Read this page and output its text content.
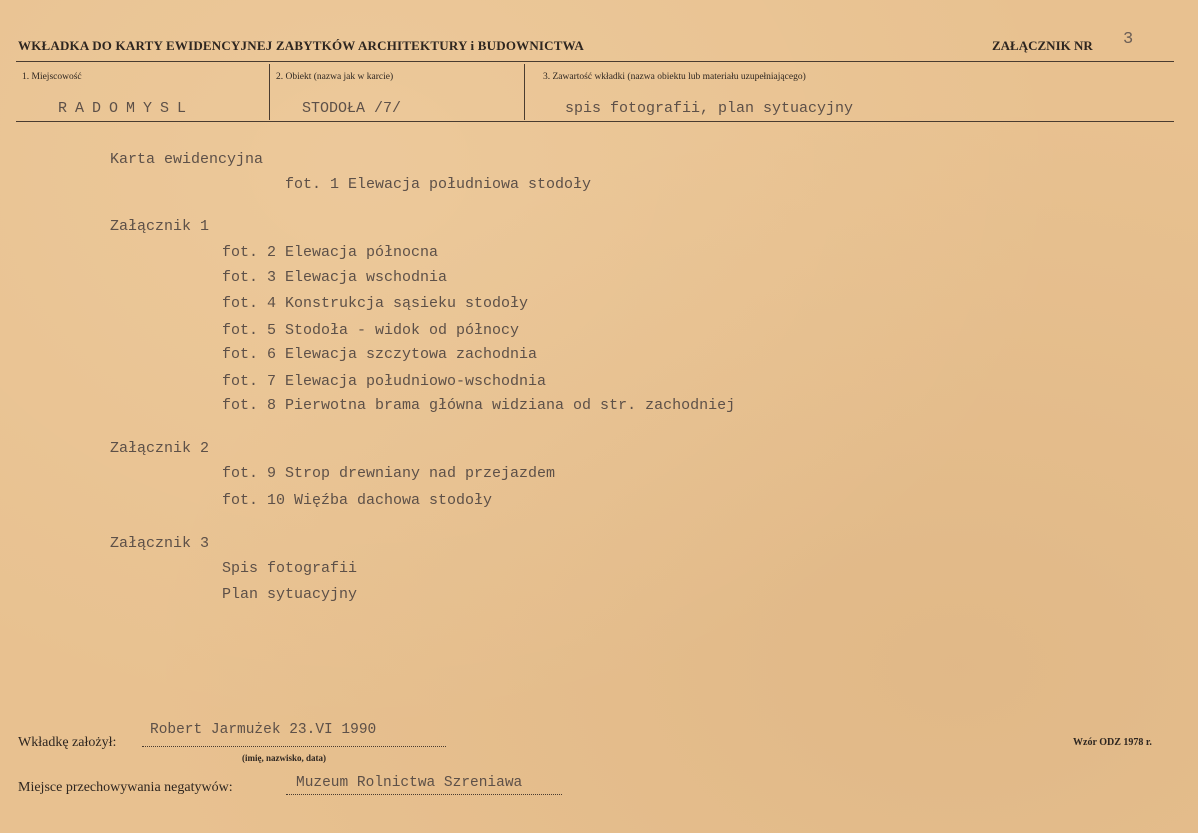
WKŁADKA DO KARTY EWIDENCYJNEJ ZABYTKÓW ARCHITEKTURY i BUDOWNICTWA	ZAŁĄCZNIK NR 3
1. Miejscowość	2. Obiekt (nazwa jak w karcie)	3. Zawartość wkładki (nazwa obiektu lub materiału uzupełniającego)
RADOMYSL	STODOŁA /7/	spis fotografii, plan sytuacyjny
Karta ewidencyjna
fot. 1 Elewacja południowa stodoły
Załącznik 1
fot. 2 Elewacja północna
fot. 3 Elewacja wschodnia
fot. 4 Konstrukcja sąsieku stodoły
fot. 5 Stodoła - widok od północy
fot. 6 Elewacja szczytowa zachodnia
fot. 7 Elewacja południowo-wschodnia
fot. 8 Pierwotna brama główna widziana od str. zachodniej
Załącznik 2
fot. 9 Strop drewniany nad przejazdem
fot. 10 Więźba dachowa stodoły
Załącznik 3
Spis fotografii
Plan sytuacyjny
Wkładkę założył:
Robert Jarmużek 23.VI 1990
(imię, nazwisko, data)
Miejsce przechowywania negatywów:	Muzeum Rolnictwa Szreniawa
Wzór ODZ 1978 r.
